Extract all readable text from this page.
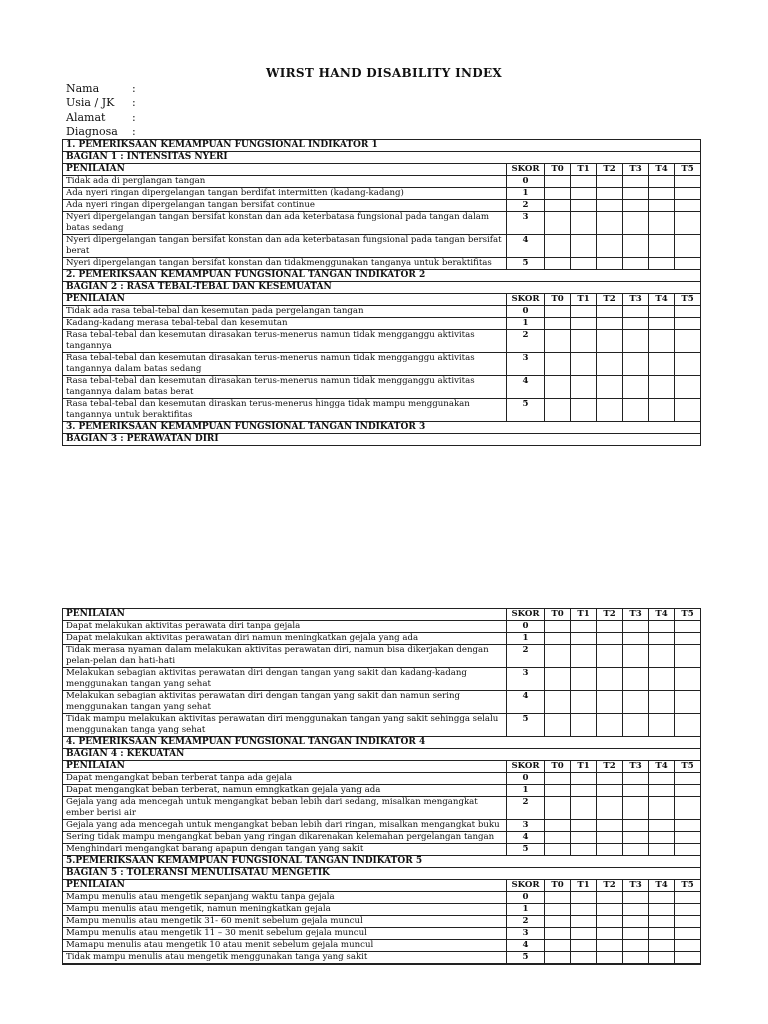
WIRST HAND DISABILITY INDEX
Nama	:
Usia / JK :
Alamat :
Diagnosa :
1. PEMERIKSAAN KEMAMPUAN FUNGSIONAL INDIKATOR 1							
BAGIAN 1 : INTENSITAS NYERI							
PENILAIAN	SKOR	T0	T1	T2	T3	T4	T5
Tidak ada di perglangan tangan	0						
Ada nyeri ringan dipergelangan tangan berdifat intermitten (kadang-kadang)	1						
Ada nyeri ringan dipergelangan tangan bersifat continue	2						
Nyeri dipergelangan tangan bersifat konstan dan ada keterbatasa fungsional pada tangan dalam batas sedang	3						
Nyeri dipergelangan tangan bersifat konstan dan ada keterbatasan fungsional pada tangan bersifat berat	4						
Nyeri dipergelangan tangan bersifat konstan dan tidakmenggunakan tanganya untuk beraktifitas	5						
2. PEMERIKSAAN KEMAMPUAN FUNGSIONAL TANGAN INDIKATOR 2							
BAGIAN 2 : RASA TEBAL-TEBAL DAN KESEMUATAN							
PENILAIAN	SKOR	T0	T1	T2	T3	T4	T5
Tidak ada rasa tebal-tebal dan kesemutan pada pergelangan tangan	0						
Kadang-kadang merasa tebal-tebal dan kesemutan	1						
Rasa tebal-tebal dan kesemutan dirasakan terus-menerus namun tidak mengganggu aktivitas tangannya	2						
Rasa tebal-tebal dan kesemutan dirasakan terus-menerus namun tidak mengganggu aktivitas tangannya dalam batas sedang	3						
Rasa tebal-tebal dan kesemutan dirasakan terus-menerus namun tidak mengganggu aktivitas tangannya dalam batas berat	4						
Rasa tebal-tebal dan kesemutan diraskan terus-menerus hingga tidak mampu menggunakan tangannya untuk beraktifitas	5						
3. PEMERIKSAAN KEMAMPUAN FUNGSIONAL TANGAN INDIKATOR 3							
BAGIAN 3 : PERAWATAN DIRI							
PENILAIAN	SKOR	T0	T1	T2	T3	T4	T5
Dapat melakukan aktivitas perawata diri tanpa gejala	0						
Dapat melakukan aktivitas perawatan diri namun meningkatkan gejala yang ada	1						
Tidak merasa nyaman dalam melakukan aktivitas perawatan diri, namun bisa dikerjakan dengan pelan-pelan dan hati-hati	2						
Melakukan sebagian aktivitas perawatan diri dengan tangan yang sakit dan kadang-kadang menggunakan tangan yang sehat	3						
Melakukan sebagian aktivitas perawatan diri dengan tangan yang sakit dan namun sering menggunakan tangan yang sehat	4						
Tidak mampu melakukan aktivitas perawatan diri menggunakan tangan yang sakit sehingga selalu menggunakan tanga yang sehat	5						
4. PEMERIKSAAN KEMAMPUAN FUNGSIONAL TANGAN INDIKATOR 4							
BAGIAN 4 : KEKUATAN							
PENILAIAN	SKOR	T0	T1	T2	T3	T4	T5
Dapat mengangkat beban terberat tanpa ada gejala	0						
Dapat mengangkat beban terberat, namun emngkatkan gejala yang ada	1						
Gejala yang ada mencegah untuk mengangkat beban lebih dari sedang, misalkan mengangkat ember berisi air	2						
Gejala yang ada mencegah untuk mengangkat beban lebih dari ringan, misalkan mengangkat buku	3						
Sering tidak mampu mengangkat beban yang ringan dikarenakan kelemahan pergelangan tangan	4						
Menghindari mengangkat barang apapun dengan tangan yang sakit	5						
5.PEMERIKSAAN KEMAMPUAN FUNGSIONAL TANGAN INDIKATOR 5							
BAGIAN 5 : TOLERANSI MENULISATAU MENGETIK							
PENILAIAN	SKOR	T0	T1	T2	T3	T4	T5
Mampu menulis atau mengetik sepanjang waktu tanpa gejala	0						
Mampu menulis atau mengetik, namun meningkatkan gejala	1						
Mampu menulis atau mengetik 31- 60 menit sebelum gejala muncul	2						
Mampu menulis atau mengetik 11 – 30 menit sebelum gejala muncul	3						
Mamapu menulis atau mengetik 10 atau menit sebelum gejala muncul	4						
Tidak mampu menulis atau mengetik menggunakan tanga yang sakit	5						
